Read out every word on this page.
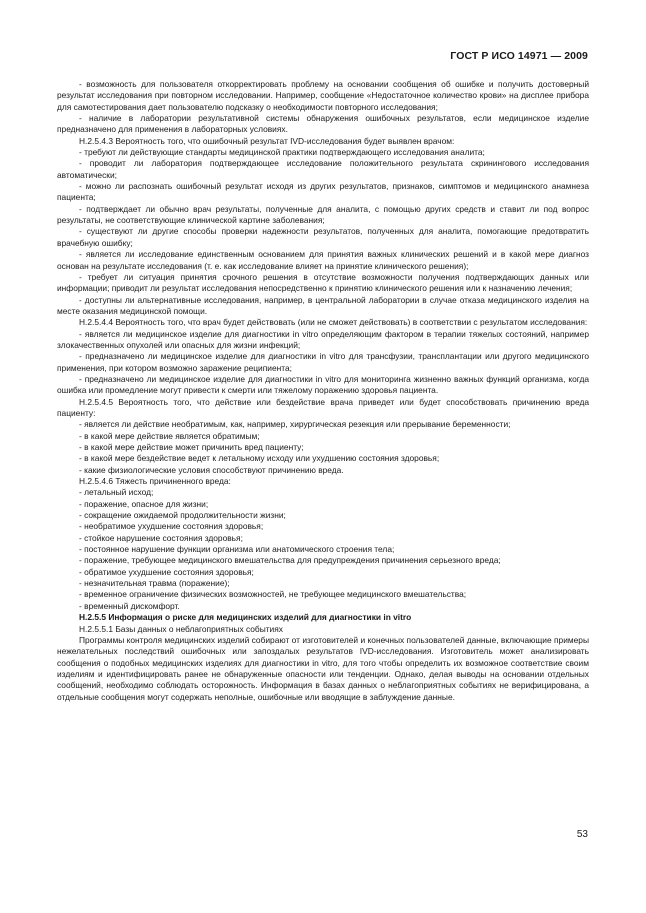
ГОСТ Р ИСО 14971 — 2009

- возможность для пользователя откорректировать проблему на основании сообщения об ошибке и получить достоверный результат исследования при повторном исследовании. Например, сообщение «Недостаточное количество крови» на дисплее прибора для самотестирования дает пользователю подсказку о необходимости повторного исследования;

- наличие в лаборатории результативной системы обнаружения ошибочных результатов, если медицинское изделие предназначено для применения в лабораторных условиях.

Н.2.5.4.3 Вероятность того, что ошибочный результат IVD-исследования будет выявлен врачом:

- требуют ли действующие стандарты медицинской практики подтверждающего исследования аналита;

- проводит ли лаборатория подтверждающее исследование положительного результата скринингового исследования автоматически;

- можно ли распознать ошибочный результат исходя из других результатов, признаков, симптомов и медицинского анамнеза пациента;

- подтверждает ли обычно врач результаты, полученные для аналита, с помощью других средств и ставит ли под вопрос результаты, не соответствующие клинической картине заболевания;

- существуют ли другие способы проверки надежности результатов, полученных для аналита, помогающие предотвратить врачебную ошибку;

- является ли исследование единственным основанием для принятия важных клинических решений и в какой мере диагноз основан на результате исследования (т. е. как исследование влияет на принятие клинического решения);

- требует ли ситуация принятия срочного решения в отсутствие возможности получения подтверждающих данных или информации; приводит ли результат исследования непосредственно к принятию клинического решения или к назначению лечения;

- доступны ли альтернативные исследования, например, в центральной лаборатории в случае отказа медицинского изделия на месте оказания медицинской помощи.

Н.2.5.4.4 Вероятность того, что врач будет действовать (или не сможет действовать) в соответствии с результатом исследования:

- является ли медицинское изделие для диагностики in vitro определяющим фактором в терапии тяжелых состояний, например злокачественных опухолей или опасных для жизни инфекций;

- предназначено ли медицинское изделие для диагностики in vitro для трансфузии, трансплантации или другого медицинского применения, при котором возможно заражение реципиента;

- предназначено ли медицинское изделие для диагностики in vitro для мониторинга жизненно важных функций организма, когда ошибка или промедление могут привести к смерти или тяжелому поражению здоровья пациента.

Н.2.5.4.5 Вероятность того, что действие или бездействие врача приведет или будет способствовать причинению вреда пациенту:

- является ли действие необратимым, как, например, хирургическая резекция или прерывание беременности;

- в какой мере действие является обратимым;

- в какой мере действие может причинить вред пациенту;

- в какой мере бездействие ведет к летальному исходу или ухудшению состояния здоровья;

- какие физиологические условия способствуют причинению вреда.

Н.2.5.4.6 Тяжесть причиненного вреда:

- летальный исход;

- поражение, опасное для жизни;

- сокращение ожидаемой продолжительности жизни;

- необратимое ухудшение состояния здоровья;

- стойкое нарушение состояния здоровья;

- постоянное нарушение функции организма или анатомического строения тела;

- поражение, требующее медицинского вмешательства для предупреждения причинения серьезного вреда;

- обратимое ухудшение состояния здоровья;

- незначительная травма (поражение);

- временное ограничение физических возможностей, не требующее медицинского вмешательства;

- временный дискомфорт.

Н.2.5.5 Информация о риске для медицинских изделий для диагностики in vitro

Н.2.5.5.1 Базы данных о неблагоприятных событиях

Программы контроля медицинских изделий собирают от изготовителей и конечных пользователей данные, включающие примеры нежелательных последствий ошибочных или запоздалых результатов IVD-исследования. Изготовитель может анализировать сообщения о подобных медицинских изделиях для диагностики in vitro, для того чтобы определить их возможное соответствие своим изделиям и идентифицировать ранее не обнаруженные опасности или тенденции. Однако, делая выводы на основании отдельных сообщений, необходимо соблюдать осторожность. Информация в базах данных о неблагоприятных событиях не верифицирована, а отдельные сообщения могут содержать неполные, ошибочные или вводящие в заблуждение данные.

53
